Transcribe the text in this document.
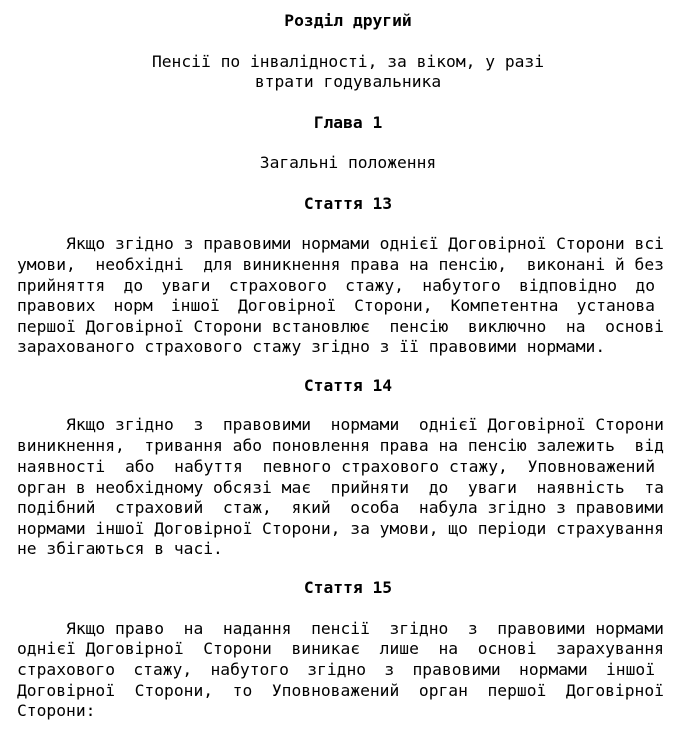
Розділ другий
Пенсії по інвалідності, за віком, у разі
втрати годувальника
Глава 1
Загальні положення
Стаття 13
Якщо згідно з правовими нормами однієї Договірної Сторони всі
умови,  необхідні  для виникнення права на пенсію,  виконані й без
прийняття до уваги страхового стажу, набутого відповідно до
правових норм іншої Договірної Сторони, Компетентна установа
першої Договірної Сторони встановлює  пенсію  виключно  на  основі
зарахованого страхового стажу згідно з її правовими нормами.
Стаття 14
Якщо згідно  з  правовими  нормами  однієї Договірної Сторони
виникнення,  тривання або поновлення права на пенсію залежить  від
наявності  або  набуття  певного страхового стажу,  Уповноважений
орган в необхідному обсязі має  прийняти  до  уваги  наявність  та
подібний  страховий  стаж,  який  особа  набула згідно з правовими
нормами іншої Договірної Сторони, за умови, що періоди страхування
не збігаються в часі.
Стаття 15
Якщо право  на  надання  пенсії  згідно  з  правовими нормами
однієї Договірної  Сторони  виникає  лише  на  основі  зарахування
страхового стажу, набутого згідно з правовими нормами іншої
Договірної  Сторони,  то  Уповноважений  орган  першої  Договірної
Сторони:
